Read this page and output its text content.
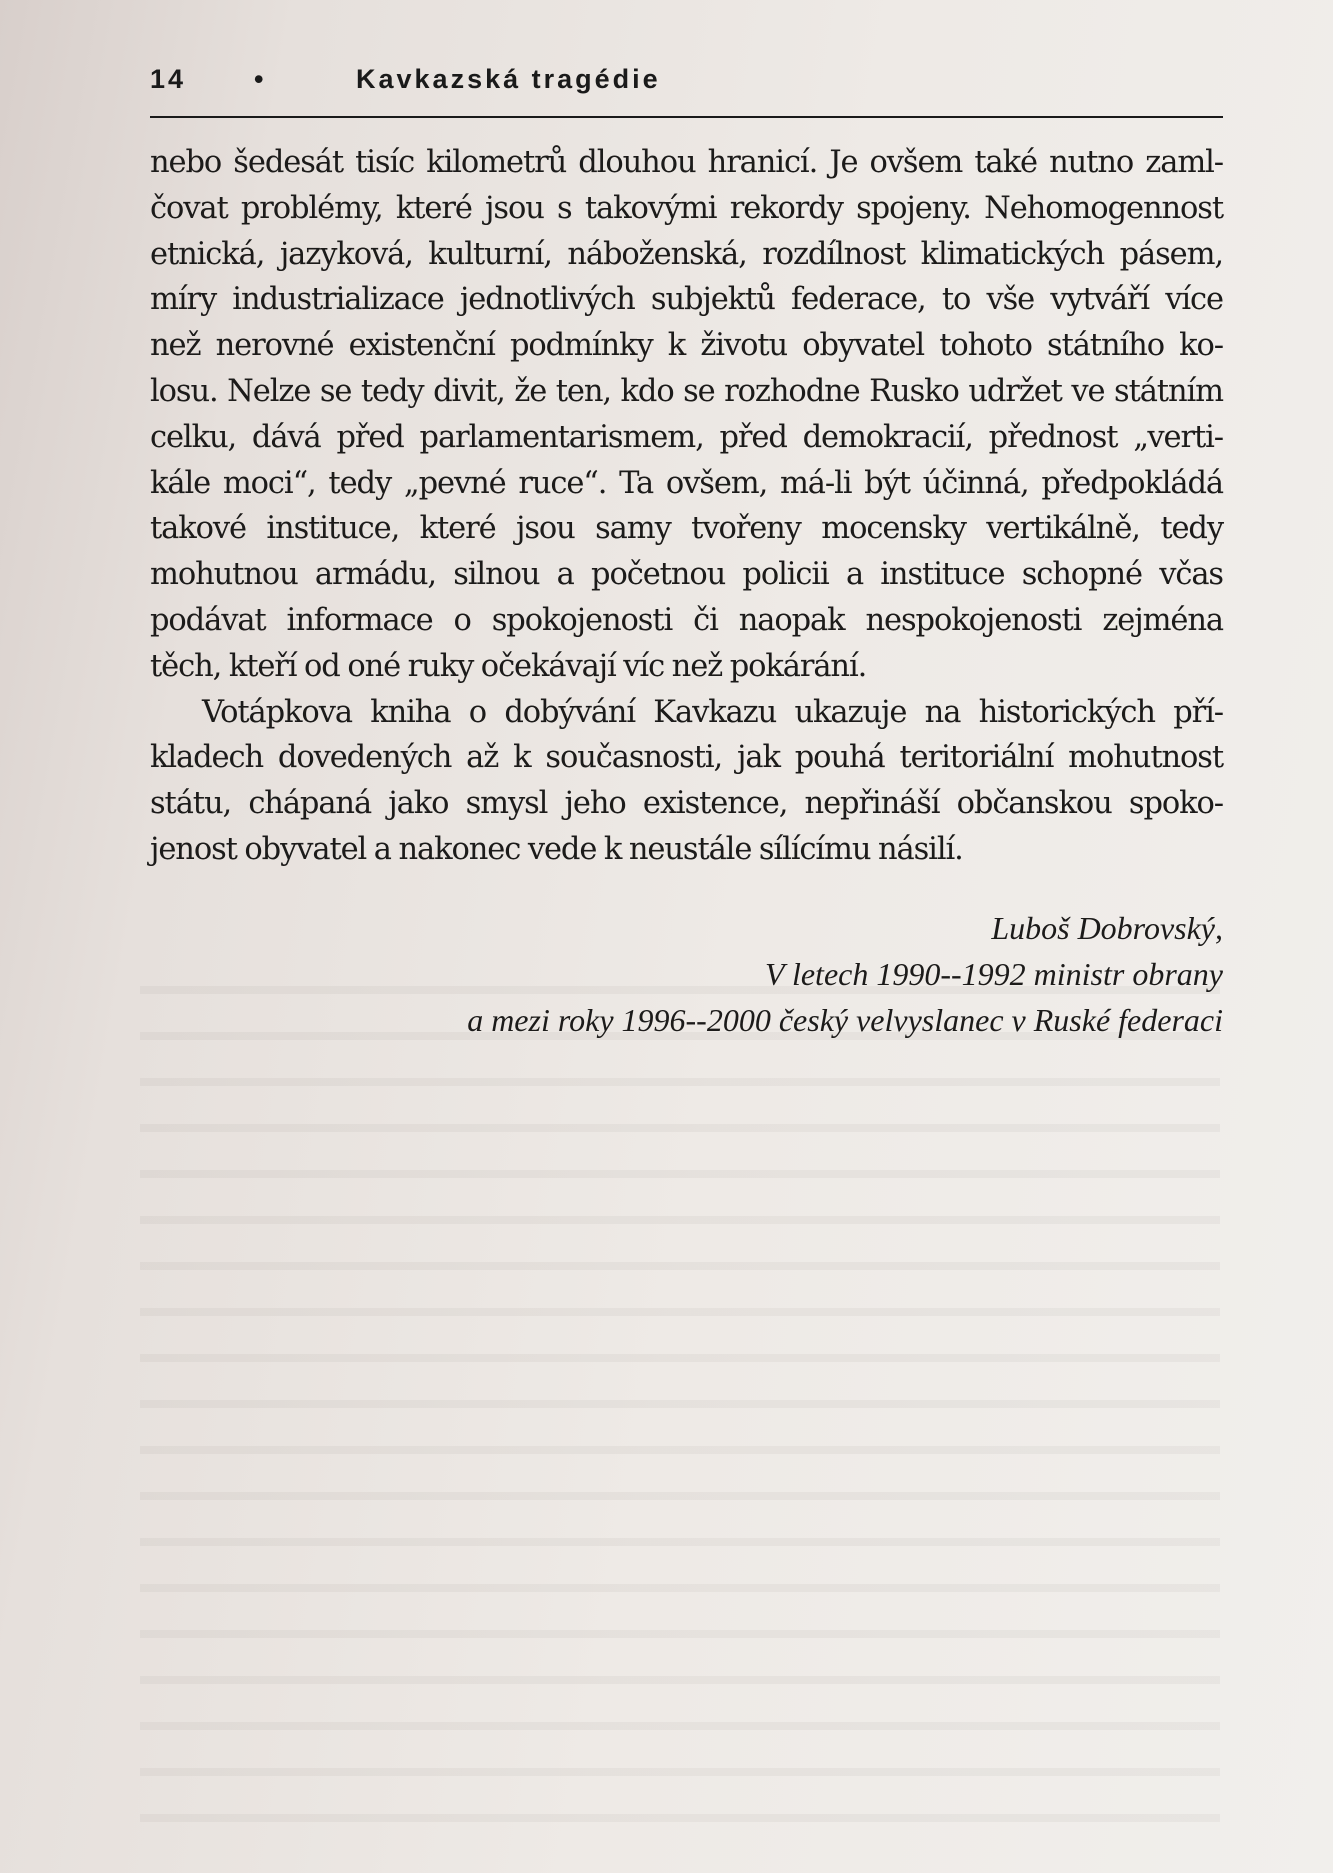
14	•	Kavkazská tragédie
nebo šedesát tisíc kilometrů dlouhou hranicí. Je ovšem také nutno zaml-
čovat problémy, které jsou s takovými rekordy spojeny. Nehomogennost
etnická, jazyková, kulturní, náboženská, rozdílnost klimatických pásem,
míry industrializace jednotlivých subjektů federace, to vše vytváří více
než nerovné existenční podmínky k životu obyvatel tohoto státního ko-
losu. Nelze se tedy divit, že ten, kdo se rozhodne Rusko udržet ve státním
celku, dává před parlamentarismem, před demokracií, přednost „verti-
kále moci“, tedy „pevné ruce“. Ta ovšem, má-li být účinná, předpokládá
takové instituce, které jsou samy tvořeny mocensky vertikálně, tedy
mohutnou armádu, silnou a početnou policii a instituce schopné včas
podávat informace o spokojenosti či naopak nespokojenosti zejména
těch, kteří od oné ruky očekávají víc než pokárání.
Votápkova kniha o dobývání Kavkazu ukazuje na historických pří-
kladech dovedených až k současnosti, jak pouhá teritoriální mohutnost
státu, chápaná jako smysl jeho existence, nepřináší občanskou spoko-
jenost obyvatel a nakonec vede k neustále sílícímu násilí.
Luboš Dobrovský,
V letech 1990--1992 ministr obrany
a mezi roky 1996--2000 český velvyslanec v Ruské federaci
